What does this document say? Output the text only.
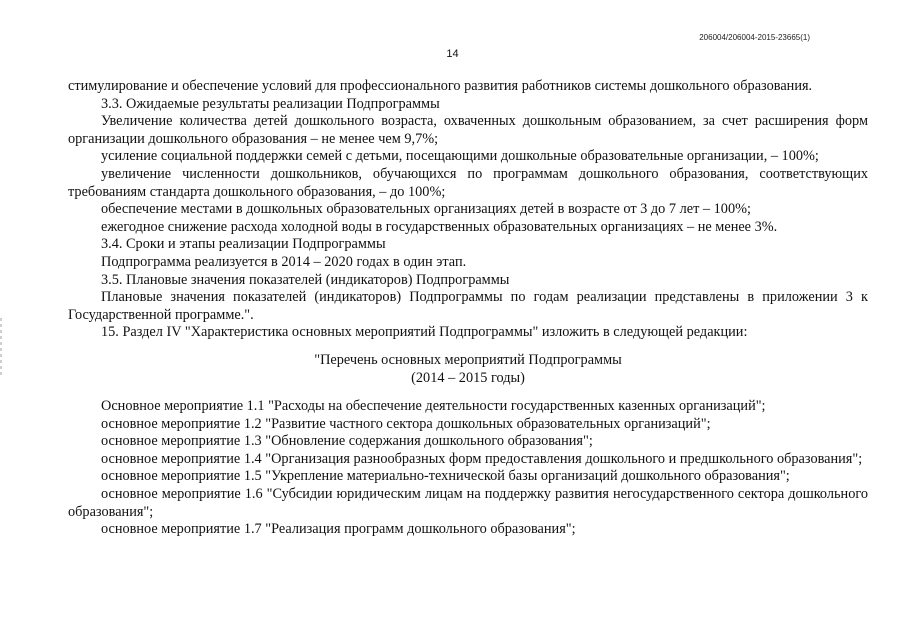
206004/206004-2015-23665(1)
14

стимулирование и обеспечение условий для профессионального развития работников системы дошкольного образования.

3.3. Ожидаемые результаты реализации Подпрограммы

Увеличение количества детей дошкольного возраста, охваченных дошкольным образованием, за счет расширения форм организации дошкольного образования – не менее чем 9,7%;

усиление социальной поддержки семей с детьми, посещающими дошкольные образовательные организации, – 100%;

увеличение численности дошкольников, обучающихся по программам дошкольного образования, соответствующих требованиям стандарта дошкольного образования, – до 100%;

обеспечение местами в дошкольных образовательных организациях детей в возрасте от 3 до 7 лет – 100%;

ежегодное снижение расхода холодной воды в государственных образовательных организациях – не менее 3%.

3.4. Сроки и этапы реализации Подпрограммы

Подпрограмма реализуется в 2014 – 2020 годах в один этап.

3.5. Плановые значения показателей (индикаторов) Подпрограммы

Плановые значения показателей (индикаторов) Подпрограммы по годам реализации представлены в приложении 3 к Государственной программе.".

15. Раздел IV "Характеристика основных мероприятий Подпрограммы" изложить в следующей редакции:

"Перечень основных мероприятий Подпрограммы
(2014 – 2015 годы)

Основное мероприятие 1.1 "Расходы на обеспечение деятельности государственных казенных организаций";

основное мероприятие 1.2 "Развитие частного сектора дошкольных образовательных организаций";

основное мероприятие 1.3 "Обновление содержания дошкольного образования";

основное мероприятие 1.4 "Организация разнообразных форм предоставления дошкольного и предшкольного образования";

основное мероприятие 1.5 "Укрепление материально-технической базы организаций дошкольного образования";

основное мероприятие 1.6 "Субсидии юридическим лицам на поддержку развития негосударственного сектора дошкольного образования";

основное мероприятие 1.7 "Реализация программ дошкольного образования";
